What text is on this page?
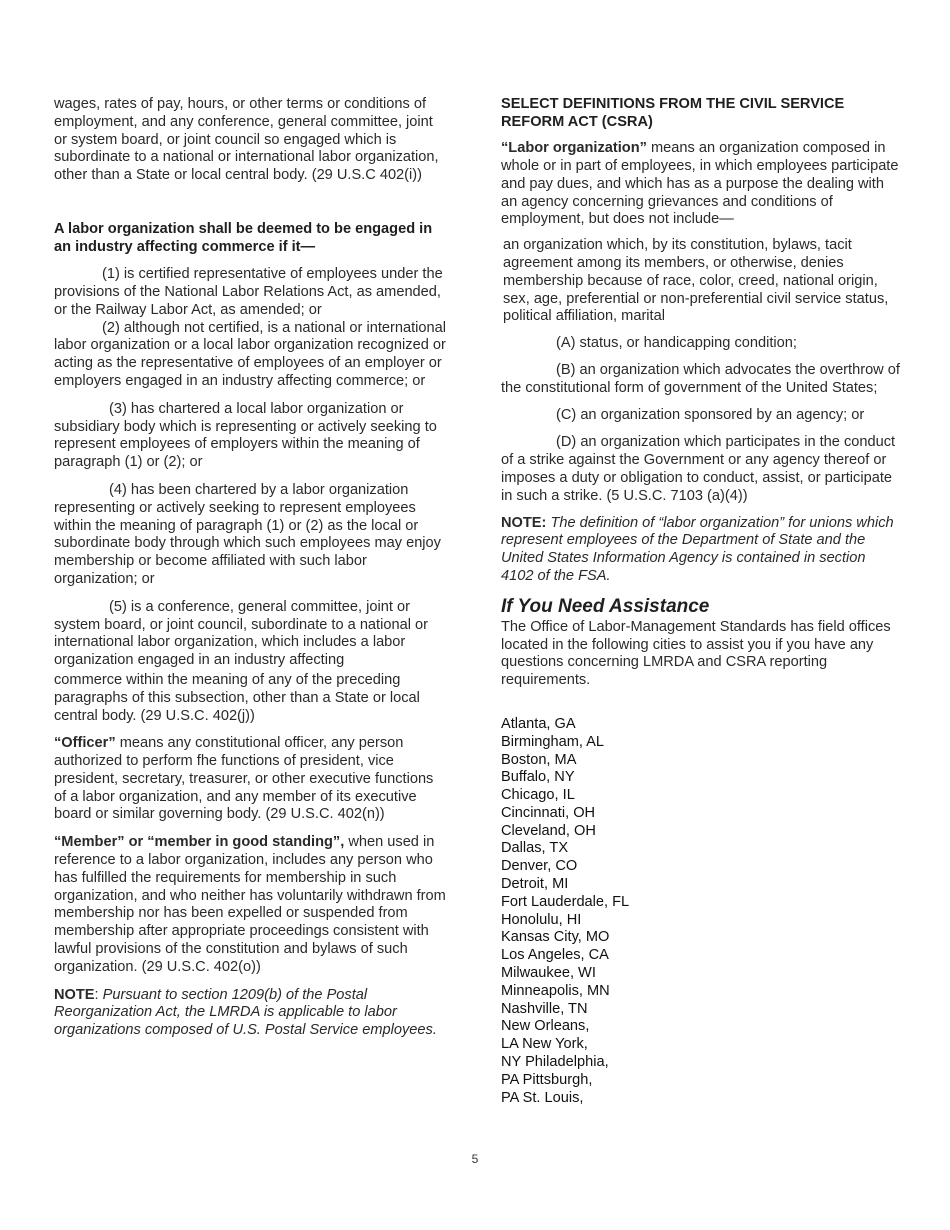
wages, rates of pay, hours, or other terms or conditions of employment, and any conference, general committee, joint or system board, or joint council so engaged which is subordinate to a national or international labor organization, other than a State or local central body. (29 U.S.C 402(i))

A labor organization shall be deemed to be engaged in an industry affecting commerce if it—

(1) is certified representative of employees under the provisions of the National Labor Relations Act, as amended, or the Railway Labor Act, as amended; or

(2) although not certified, is a national or international labor organization or a local labor organization recognized or acting as the representative of employees of an employer or employers engaged in an industry affecting commerce; or

(3) has chartered a local labor organization or subsidiary body which is representing or actively seeking to represent employees of employers within the meaning of paragraph (1) or (2); or

(4) has been chartered by a labor organization representing or actively seeking to represent employees within the meaning of paragraph (1) or (2) as the local or subordinate body through which such employees may enjoy membership or become affiliated with such labor organization; or

(5) is a conference, general committee, joint or system board, or joint council, subordinate to a national or international labor organization, which includes a labor organization engaged in an industry affecting

commerce within the meaning of any of the preceding paragraphs of this subsection, other than a State or local central body. (29 U.S.C. 402(j))

“Officer” means any constitutional officer, any person authorized to perform fhe functions of president, vice president, secretary, treasurer, or other executive functions of a labor organization, and any member of its executive board or similar governing body. (29 U.S.C. 402(n))

“Member” or “member in good standing”, when used in reference to a labor organization, includes any person who has fulfilled the requirements for membership in such organization, and who neither has voluntarily withdrawn from membership nor has been expelled or suspended from membership after appropriate proceedings consistent with lawful provisions of the constitution and bylaws of such organization. (29 U.S.C. 402(o))

NOTE: Pursuant to section 1209(b) of the Postal Reorganization Act, the LMRDA is applicable to labor organizations composed of U.S. Postal Service employees.

SELECT DEFINITIONS FROM THE CIVIL SERVICE REFORM ACT (CSRA)

“Labor organization” means an organization composed in whole or in part of employees, in which employees participate and pay dues, and which has as a purpose the dealing with an agency concerning grievances and conditions of employment, but does not include—

an organization which, by its constitution, bylaws, tacit agreement among its members, or otherwise, denies membership because of race, color, creed, national origin, sex, age, preferential or non-preferential civil service status, political affiliation, marital

(A) status, or handicapping condition;

(B) an organization which advocates the overthrow of the constitutional form of government of the United States;

(C) an organization sponsored by an agency; or

(D) an organization which participates in the conduct of a strike against the Government or any agency thereof or imposes a duty or obligation to conduct, assist, or participate in such a strike. (5 U.S.C. 7103 (a)(4))

NOTE: The definition of “labor organization” for unions which represent employees of the Department of State and the United States Information Agency is contained in section 4102 of the FSA.

If You Need Assistance

The Office of Labor-Management Standards has field offices located in the following cities to assist you if you have any questions concerning LMRDA and CSRA reporting requirements.

Atlanta, GA
Birmingham, AL
Boston, MA
Buffalo, NY
Chicago, IL
Cincinnati, OH
Cleveland, OH
Dallas, TX
Denver, CO
Detroit, MI
Fort Lauderdale, FL
Honolulu, HI
Kansas City, MO
Los Angeles, CA
Milwaukee, WI
Minneapolis, MN
Nashville, TN
New Orleans,
LA New York,
NY Philadelphia,
PA Pittsburgh,
PA St. Louis,
5
